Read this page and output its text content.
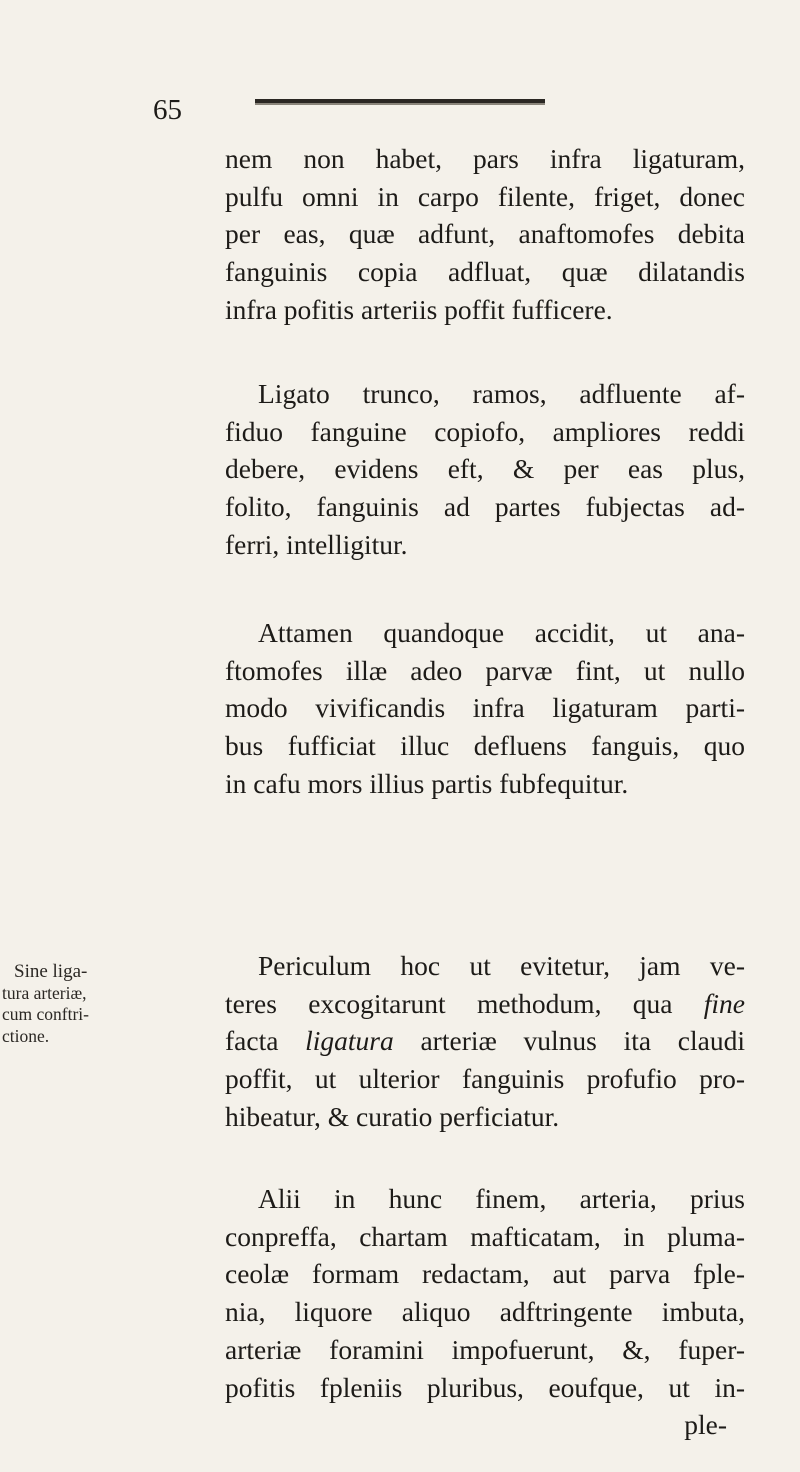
65
nem non habet, pars infra ligaturam,
pulfu omni in carpo filente, friget, donec
per eas, quæ adfunt, anaftomofes debita
fanguinis copia adfluat, quæ dilatandis
infra pofitis arteriis poffit fufficere.
Ligato trunco, ramos, adfluente af-
fiduo fanguine copiofo, ampliores reddi
debere, evidens eft, & per eas plus,
folito, fanguinis ad partes fubjectas ad-
ferri, intelligitur.
Attamen quandoque accidit, ut ana-
ftomofes illæ adeo parvæ fint, ut nullo
modo vivificandis infra ligaturam parti-
bus fufficiat illuc defluens fanguis, quo
in cafu mors illius partis fubfequitur.
Sine liga-
tura arteriæ,
cum conftri-
ctione.
Periculum hoc ut evitetur, jam ve-
teres excogitarunt methodum, qua fine
facta ligatura arteriæ vulnus ita claudi
poffit, ut ulterior fanguinis profufio pro-
hibeatur, & curatio perficiatur.
Alii in hunc finem, arteria, prius
conpreffa, chartam mafticatam, in pluma-
ceolæ formam redactam, aut parva fple-
nia, liquore aliquo adftringente imbuta,
arteriæ foramini impofuerunt, &, fuper-
pofitis fpleniis pluribus, eoufque, ut in-
ple-
